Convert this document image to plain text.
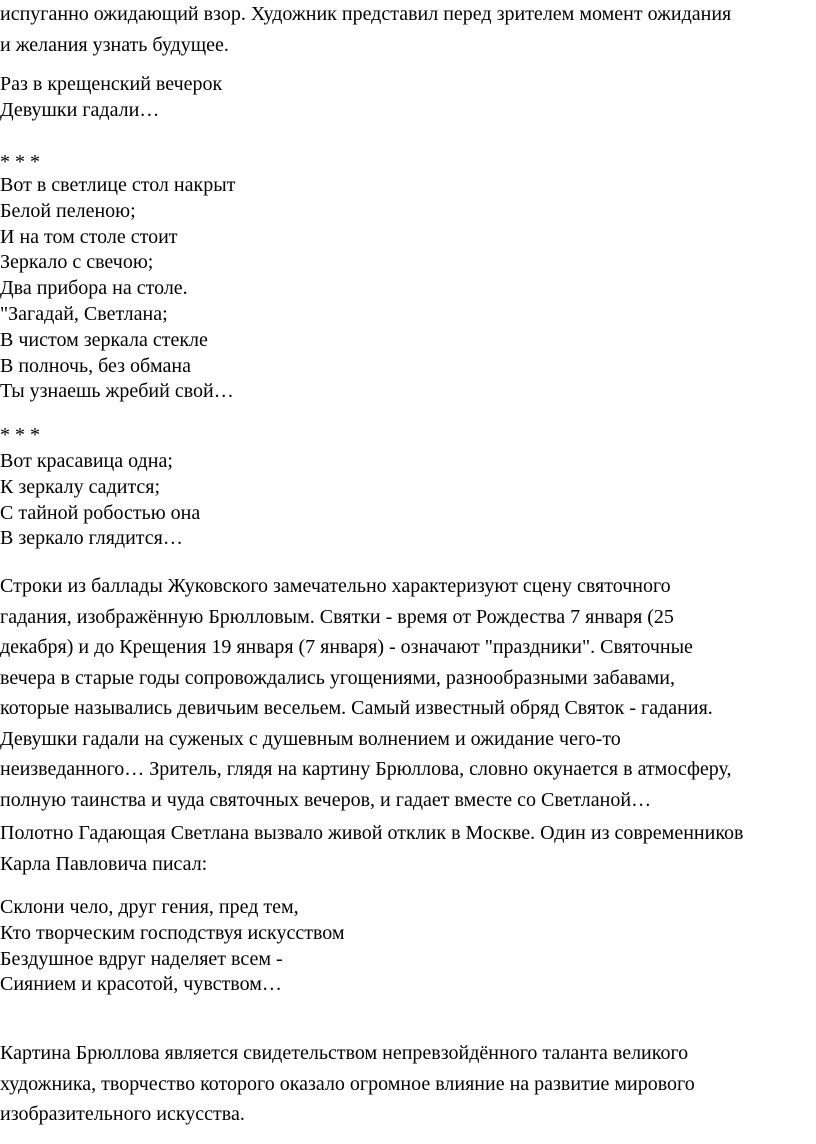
испуганно ожидающий взор. Художник представил перед зрителем момент ожидания
и желания узнать будущее.
Раз в крещенский вечерок
Девушки гадали…
* * *
Вот в светлице стол накрыт
Белой пеленою;
И на том столе стоит
Зеркало с свечою;
Два прибора на столе.
"Загадай, Светлана;
В чистом зеркала стекле
В полночь, без обмана
Ты узнаешь жребий свой…
* * *
Вот красавица одна;
К зеркалу садится;
С тайной робостью она
В зеркало глядится…
Строки из баллады Жуковского замечательно характеризуют сцену святочного
гадания, изображённую Брюлловым. Святки - время от Рождества 7 января (25
декабря) и до Крещения 19 января (7 января) - означают "праздники". Святочные
вечера в старые годы сопровождались угощениями, разнообразными забавами,
которые назывались девичьим весельем. Самый известный обряд Святок - гадания.
Девушки гадали на суженых с душевным волнением и ожидание чего-то
неизведанного… Зритель, глядя на картину Брюллова, словно окунается в атмосферу,
полную таинства и чуда святочных вечеров, и гадает вместе со Светланой…
Полотно Гадающая Светлана вызвало живой отклик в Москве. Один из современников
Карла Павловича писал:
Склони чело, друг гения, пред тем,
Кто творческим господствуя искусством
Бездушное вдруг наделяет всем -
Сиянием и красотой, чувством…
Картина Брюллова является свидетельством непревзойдённого таланта великого
художника, творчество которого оказало огромное влияние на развитие мирового
изобразительного искусства.
